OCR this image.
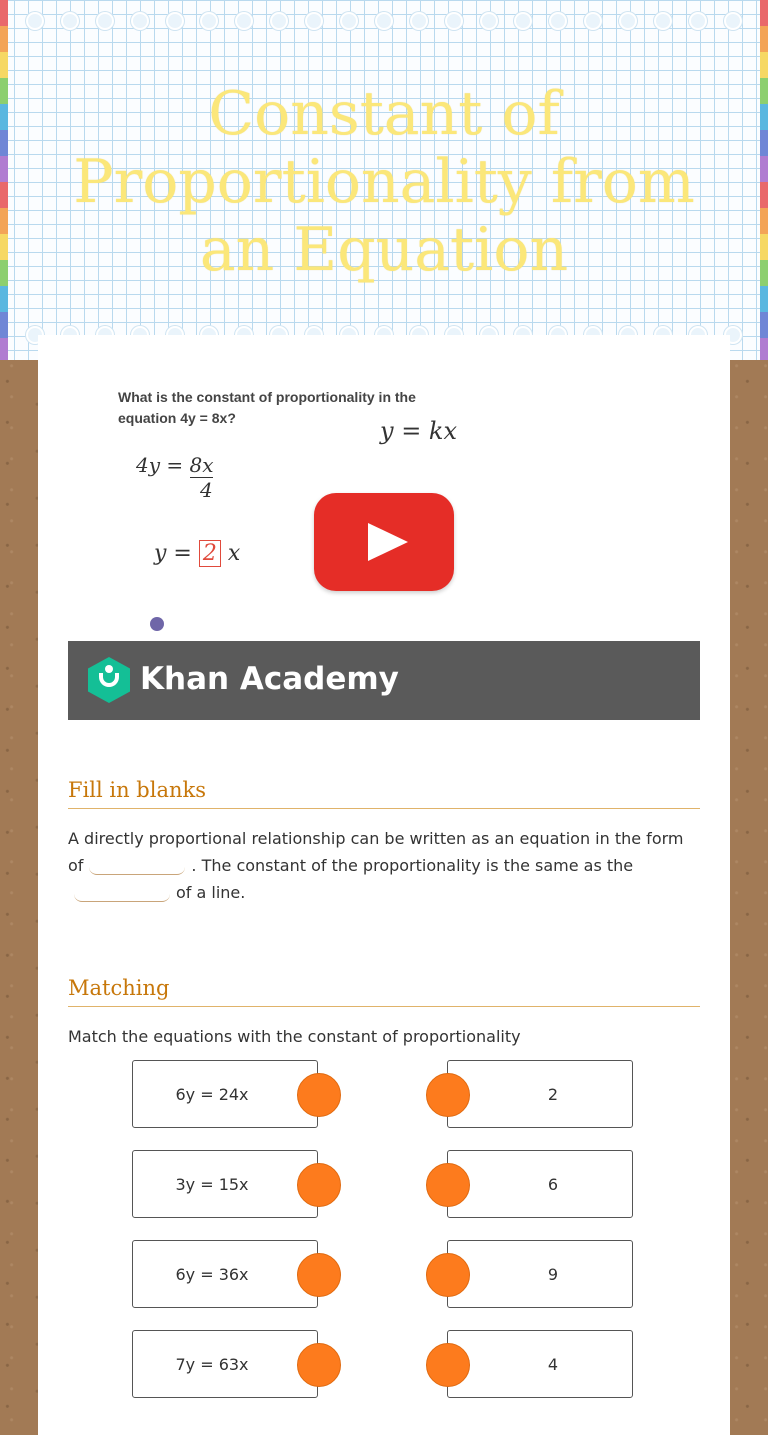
Constant of Proportionality from an Equation
What is the constant of proportionality in the
equation 4y = 8x?	y = kx
4y = 8x
4
y = 2 x
Khan Academy
Fill in blanks
A directly proportional relationship can be written as an equation in the form of	. The constant of the proportionality is the same as theof a line.
Matching
Match the equations with the constant of proportionality
6y = 24x
3y = 15x
6y = 36x
7y = 63x
2
6
9
4
